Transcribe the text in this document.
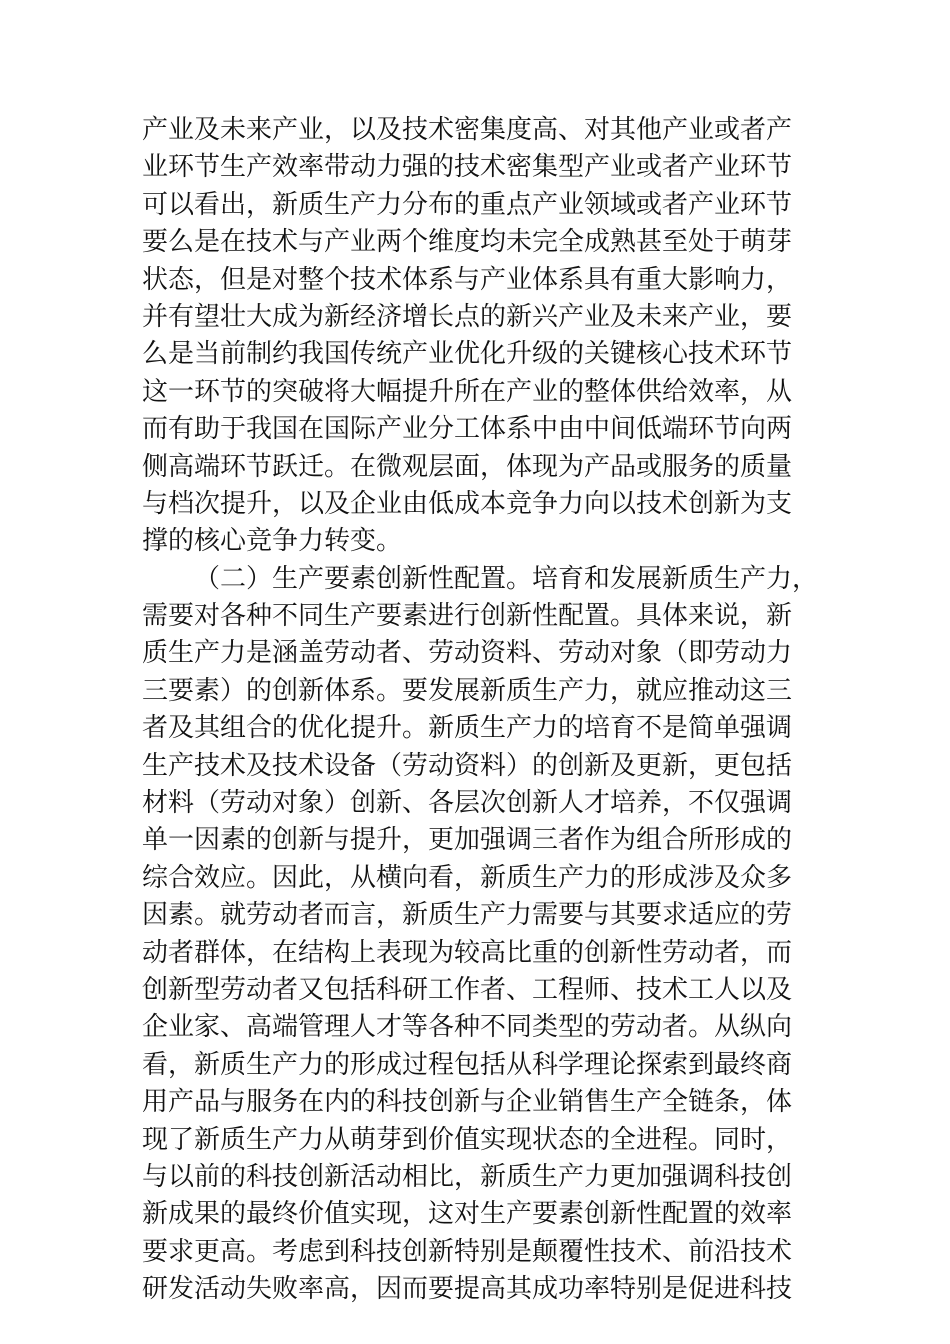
产业及未来产业，以及技术密集度高、对其他产业或者产
业环节生产效率带动力强的技术密集型产业或者产业环节
可以看出，新质生产力分布的重点产业领域或者产业环节
要么是在技术与产业两个维度均未完全成熟甚至处于萌芽
状态，但是对整个技术体系与产业体系具有重大影响力，
并有望壮大成为新经济增长点的新兴产业及未来产业，要
么是当前制约我国传统产业优化升级的关键核心技术环节
这一环节的突破将大幅提升所在产业的整体供给效率，从
而有助于我国在国际产业分工体系中由中间低端环节向两
侧高端环节跃迁。在微观层面，体现为产品或服务的质量
与档次提升，以及企业由低成本竞争力向以技术创新为支
撑的核心竞争力转变。
（二）生产要素创新性配置。培育和发展新质生产力，
需要对各种不同生产要素进行创新性配置。具体来说，新
质生产力是涵盖劳动者、劳动资料、劳动对象（即劳动力
三要素）的创新体系。要发展新质生产力，就应推动这三
者及其组合的优化提升。新质生产力的培育不是简单强调
生产技术及技术设备（劳动资料）的创新及更新，更包括
材料（劳动对象）创新、各层次创新人才培养，不仅强调
单一因素的创新与提升，更加强调三者作为组合所形成的
综合效应。因此，从横向看，新质生产力的形成涉及众多
因素。就劳动者而言，新质生产力需要与其要求适应的劳
动者群体，在结构上表现为较高比重的创新性劳动者，而
创新型劳动者又包括科研工作者、工程师、技术工人以及
企业家、高端管理人才等各种不同类型的劳动者。从纵向
看，新质生产力的形成过程包括从科学理论探索到最终商
用产品与服务在内的科技创新与企业销售生产全链条，体
现了新质生产力从萌芽到价值实现状态的全进程。同时，
与以前的科技创新活动相比，新质生产力更加强调科技创
新成果的最终价值实现，这对生产要素创新性配置的效率
要求更高。考虑到科技创新特别是颠覆性技术、前沿技术
研发活动失败率高，因而要提高其成功率特别是促进科技
